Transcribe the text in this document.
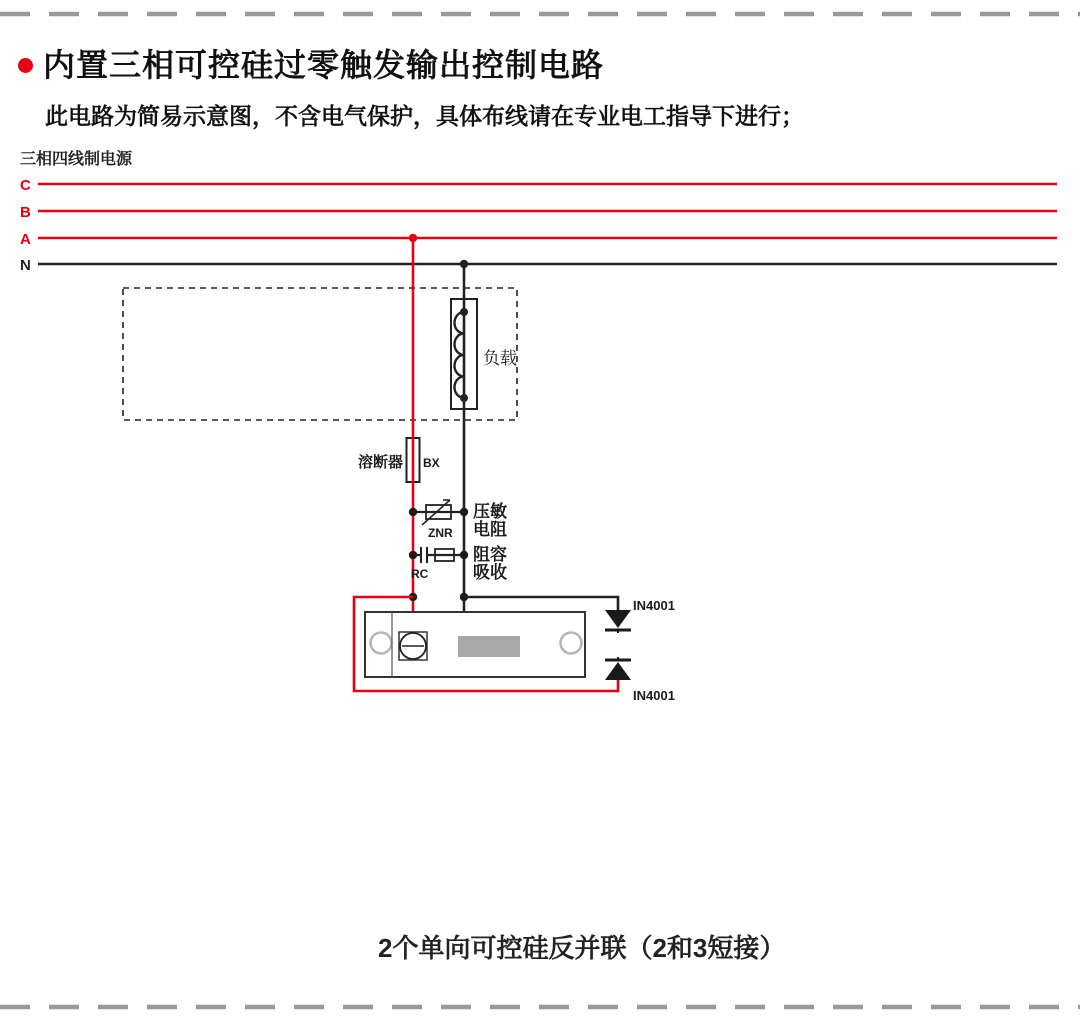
C
B
A
N
负载
溶断器 BX
ZNR
压敏
电阻
RC
阻容
吸收
IN4001
IN4001
内置三相可控硅过零触发输出控制电路
此电路为简易示意图，不含电气保护，具体布线请在专业电工指导下进行；
三相四线制电源
2个单向可控硅反并联（2和3短接）
